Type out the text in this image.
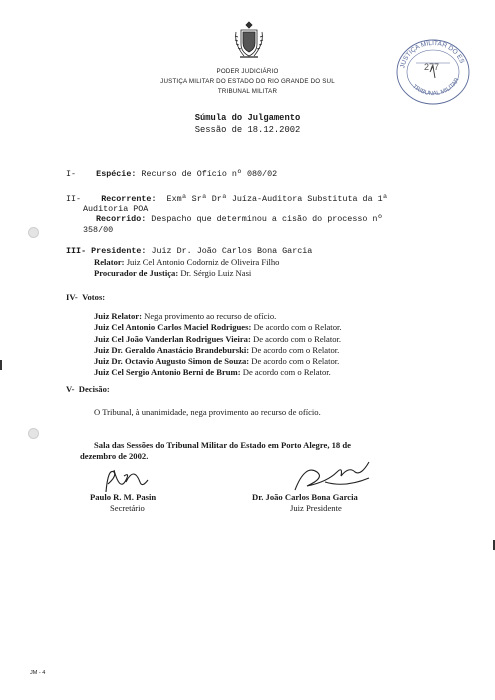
PODER JUDICIÁRIO
JUSTIÇA MILITAR DO ESTADO DO RIO GRANDE DO SUL
TRIBUNAL MILITAR
JUSTIÇA MILITAR DO ES
TRIBUNAL MILITAR
277
Súmula do Julgamento
Sessão de 18.12.2002
I- Espécie: Recurso de Ofício nº 080/02
II- Recorrente: Exmª Srª Drª Juíza-Auditora Substituta da 1ª
Auditoria POA
Recorrido: Despacho que determinou a cisão do processo nº
358/00
III- Presidente: Juiz Dr. João Carlos Bona Garcia
Relator: Juiz Cel Antonio Codorniz de Oliveira Filho
Procurador de Justiça: Dr. Sérgio Luiz Nasi
IV- Votos:
Juiz Relator: Nega provimento ao recurso de ofício.
Juiz Cel Antonio Carlos Maciel Rodrigues: De acordo com o Relator.
Juiz Cel João Vanderlan Rodrigues Vieira: De acordo com o Relator.
Juiz Dr. Geraldo Anastácio Brandeburski: De acordo com o Relator.
Juiz Dr. Octavio Augusto Simon de Souza: De acordo com o Relator.
Juiz Cel Sergio Antonio Berni de Brum: De acordo com o Relator.
V- Decisão:
O Tribunal, à unanimidade, nega provimento ao recurso de ofício.
Sala das Sessões do Tribunal Militar do Estado em Porto Alegre, 18 de
dezembro de 2002.
Paulo R. M. Pasin
Secretário
Dr. João Carlos Bona Garcia
Juiz Presidente
JM - 4
